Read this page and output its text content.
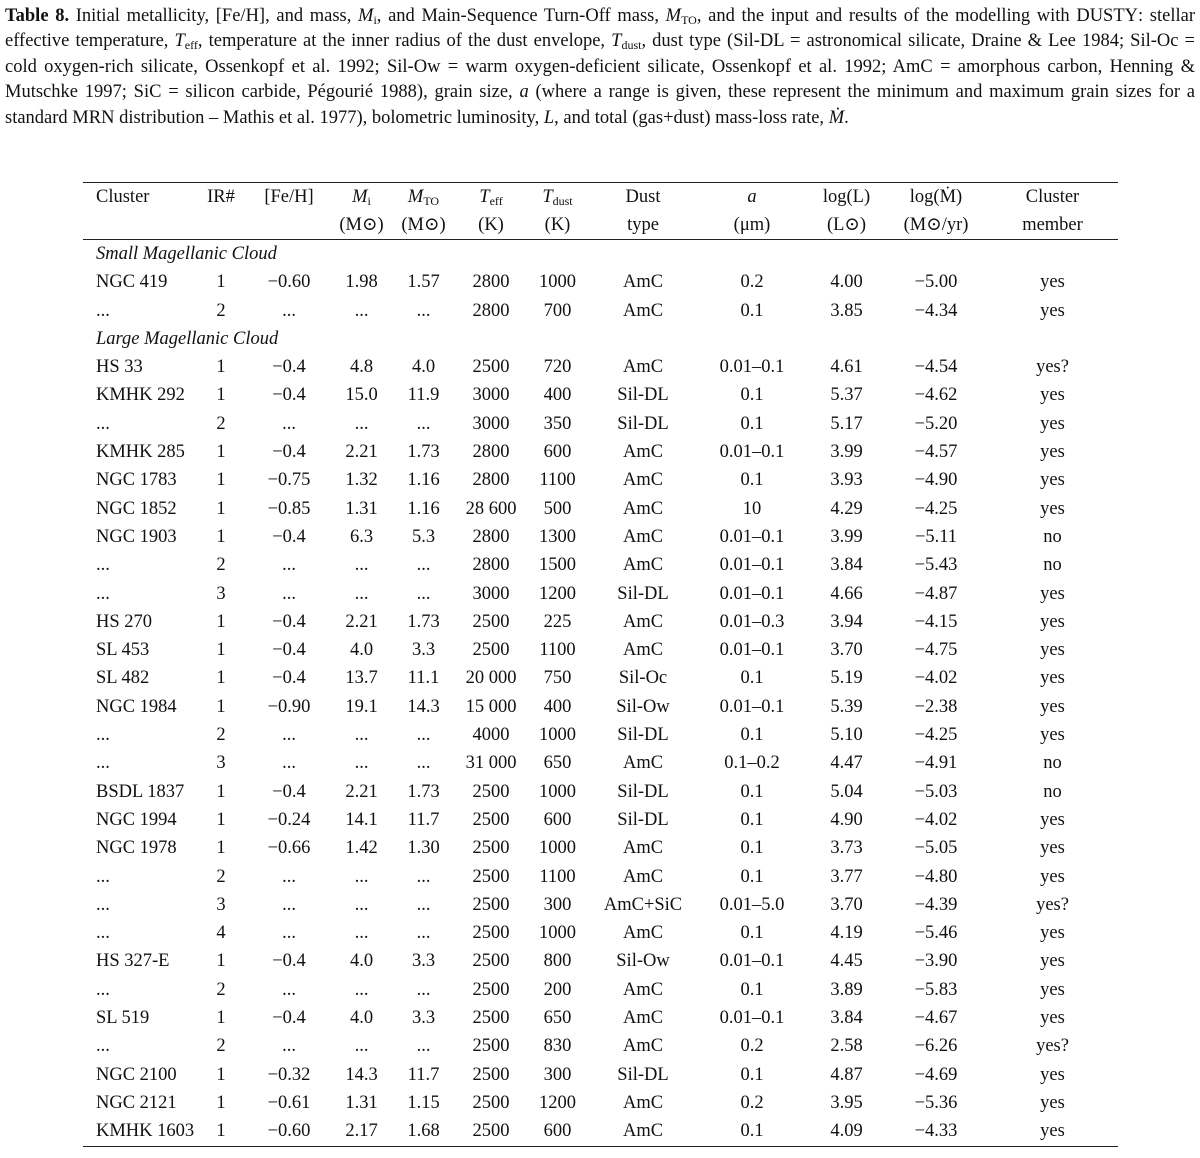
Table 8. Initial metallicity, [Fe/H], and mass, $M_i$, and Main-Sequence Turn-Off mass, $M_{TO}$, and the input and results of the modelling with DUSTY: stellar effective temperature, $T_{eff}$, temperature at the inner radius of the dust envelope, $T_{dust}$, dust type (Sil-DL = astronomical silicate, Draine & Lee 1984; Sil-Oc = cold oxygen-rich silicate, Ossenkopf et al. 1992; Sil-Ow = warm oxygen-deficient silicate, Ossenkopf et al. 1992; AmC = amorphous carbon, Henning & Mutschke 1997; SiC = silicon carbide, Pégourié 1988), grain size, a (where a range is given, these represent the minimum and maximum grain sizes for a standard MRN distribution – Mathis et al. 1977), bolometric luminosity, L, and total (gas+dust) mass-loss rate, Ṁ.
Cluster	IR#	[Fe/H]	$M_i$	$M_{TO}$	$T_{eff}$	$T_{dust}$	Dust	a	log(L)	log(Ṁ)	Cluster
			(M⊙)	(M⊙)	(K)	(K)	type	(μm)	(L⊙)	(M⊙/yr)	member
Small Magellanic Cloud											
NGC 419	1	−0.60	1.98	1.57	2800	1000	AmC	0.2	4.00	−5.00	yes
...	2	...	...	...	2800	700	AmC	0.1	3.85	−4.34	yes
Large Magellanic Cloud											
HS 33	1	−0.4	4.8	4.0	2500	720	AmC	0.01–0.1	4.61	−4.54	yes?
KMHK 292	1	−0.4	15.0	11.9	3000	400	Sil-DL	0.1	5.37	−4.62	yes
...	2	...	...	...	3000	350	Sil-DL	0.1	5.17	−5.20	yes
KMHK 285	1	−0.4	2.21	1.73	2800	600	AmC	0.01–0.1	3.99	−4.57	yes
NGC 1783	1	−0.75	1.32	1.16	2800	1100	AmC	0.1	3.93	−4.90	yes
NGC 1852	1	−0.85	1.31	1.16	28 600	500	AmC	10	4.29	−4.25	yes
NGC 1903	1	−0.4	6.3	5.3	2800	1300	AmC	0.01–0.1	3.99	−5.11	no
...	2	...	...	...	2800	1500	AmC	0.01–0.1	3.84	−5.43	no
...	3	...	...	...	3000	1200	Sil-DL	0.01–0.1	4.66	−4.87	yes
HS 270	1	−0.4	2.21	1.73	2500	225	AmC	0.01–0.3	3.94	−4.15	yes
SL 453	1	−0.4	4.0	3.3	2500	1100	AmC	0.01–0.1	3.70	−4.75	yes
SL 482	1	−0.4	13.7	11.1	20 000	750	Sil-Oc	0.1	5.19	−4.02	yes
NGC 1984	1	−0.90	19.1	14.3	15 000	400	Sil-Ow	0.01–0.1	5.39	−2.38	yes
...	2	...	...	...	4000	1000	Sil-DL	0.1	5.10	−4.25	yes
...	3	...	...	...	31 000	650	AmC	0.1–0.2	4.47	−4.91	no
BSDL 1837	1	−0.4	2.21	1.73	2500	1000	Sil-DL	0.1	5.04	−5.03	no
NGC 1994	1	−0.24	14.1	11.7	2500	600	Sil-DL	0.1	4.90	−4.02	yes
NGC 1978	1	−0.66	1.42	1.30	2500	1000	AmC	0.1	3.73	−5.05	yes
...	2	...	...	...	2500	1100	AmC	0.1	3.77	−4.80	yes
...	3	...	...	...	2500	300	AmC+SiC	0.01–5.0	3.70	−4.39	yes?
...	4	...	...	...	2500	1000	AmC	0.1	4.19	−5.46	yes
HS 327-E	1	−0.4	4.0	3.3	2500	800	Sil-Ow	0.01–0.1	4.45	−3.90	yes
...	2	...	...	...	2500	200	AmC	0.1	3.89	−5.83	yes
SL 519	1	−0.4	4.0	3.3	2500	650	AmC	0.01–0.1	3.84	−4.67	yes
...	2	...	...	...	2500	830	AmC	0.2	2.58	−6.26	yes?
NGC 2100	1	−0.32	14.3	11.7	2500	300	Sil-DL	0.1	4.87	−4.69	yes
NGC 2121	1	−0.61	1.31	1.15	2500	1200	AmC	0.2	3.95	−5.36	yes
KMHK 1603	1	−0.60	2.17	1.68	2500	600	AmC	0.1	4.09	−4.33	yes
